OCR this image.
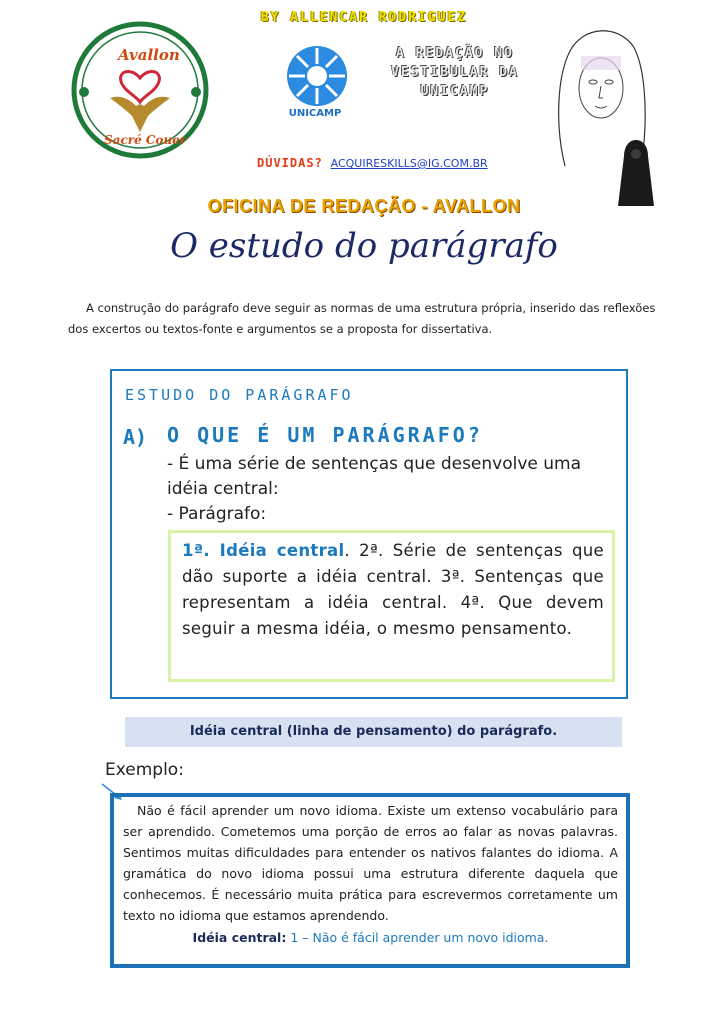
BY ALLENCAR RODRIGUEZ
Avallon
Sacré Couer
UNICAMP
A REDAÇÃO NO VESTIBULAR DA UNICAMP
DÚVIDAS? ACQUIRESKILLS@IG.COM.BR
OFICINA DE REDAÇÃO - AVALLON
O estudo do parágrafo
A construção do parágrafo deve seguir as normas de uma estrutura própria, inserido das reflexões dos excertos ou textos-fonte e argumentos se a proposta for dissertativa.
ESTUDO DO PARÁGRAFO
A) O QUE É UM PARÁGRAFO?
- É uma série de sentenças que desenvolve uma idéia central:
- Parágrafo:
1ª. Idéia central. 2ª. Série de sentenças que dão suporte a idéia central. 3ª. Sentenças que representam a idéia central. 4ª. Que devem seguir a mesma idéia, o mesmo pensamento.
Idéia central (linha de pensamento) do parágrafo.
Exemplo:
Não é fácil aprender um novo idioma. Existe um extenso vocabulário para ser aprendido. Cometemos uma porção de erros ao falar as novas palavras. Sentimos muitas dificuldades para entender os nativos falantes do idioma. A gramática do novo idioma possui uma estrutura diferente daquela que conhecemos. É necessário muita prática para escrevermos corretamente um texto no idioma que estamos aprendendo.
Idéia central: 1 – Não é fácil aprender um novo idioma.
